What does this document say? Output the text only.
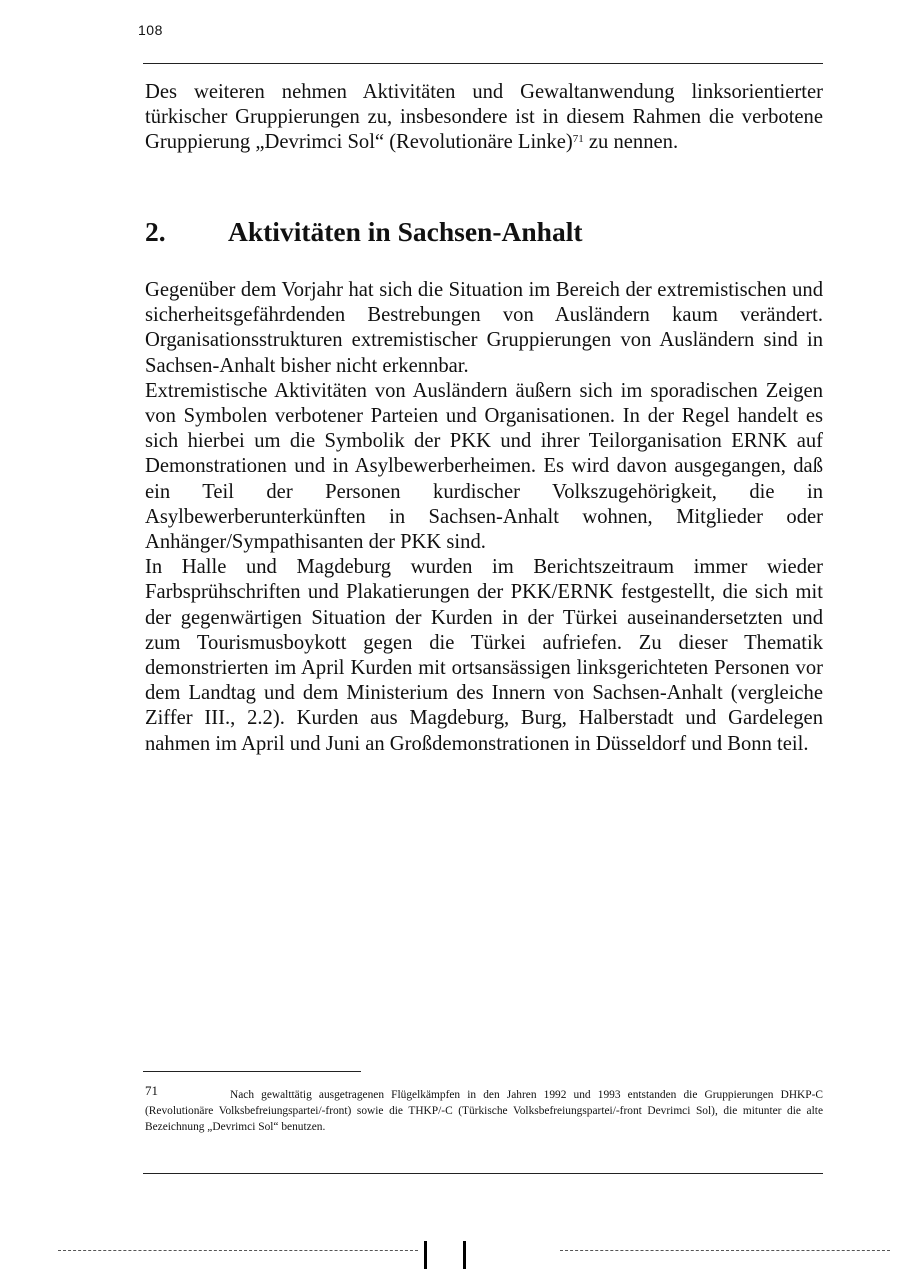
108

Des weiteren nehmen Aktivitäten und Gewaltanwendung linksorientierter türkischer Gruppierungen zu, insbesondere ist in diesem Rahmen die verbotene Gruppierung „Devrimci Sol“ (Revolutionäre Linke)$^{71}$ zu nennen.

2. Aktivitäten in Sachsen-Anhalt

Gegenüber dem Vorjahr hat sich die Situation im Bereich der extremistischen und sicherheitsgefährdenden Bestrebungen von Ausländern kaum verändert. Organisationsstrukturen extremistischer Gruppierungen von Ausländern sind in Sachsen-Anhalt bisher nicht erkennbar.

Extremistische Aktivitäten von Ausländern äußern sich im sporadischen Zeigen von Symbolen verbotener Parteien und Organisationen. In der Regel handelt es sich hierbei um die Symbolik der PKK und ihrer Teilorganisation ERNK auf Demonstrationen und in Asylbewerberheimen. Es wird davon ausgegangen, daß ein Teil der Personen kurdischer Volkszugehörigkeit, die in Asylbewerberunterkünften in Sachsen-Anhalt wohnen, Mitglieder oder Anhänger/Sympathisanten der PKK sind.

In Halle und Magdeburg wurden im Berichtszeitraum immer wieder Farbsprühschriften und Plakatierungen der PKK/ERNK festgestellt, die sich mit der gegenwärtigen Situation der Kurden in der Türkei auseinandersetzten und zum Tourismusboykott gegen die Türkei aufriefen. Zu dieser Thematik demonstrierten im April Kurden mit ortsansässigen linksgerichteten Personen vor dem Landtag und dem Ministerium des Innern von Sachsen-Anhalt (vergleiche Ziffer III., 2.2). Kurden aus Magdeburg, Burg, Halberstadt und Gardelegen nahmen im April und Juni an Großdemonstrationen in Düsseldorf und Bonn teil.

71	Nach gewalttätig ausgetragenen Flügelkämpfen in den Jahren 1992 und 1993 entstanden die Gruppierungen DHKP-C (Revolutionäre Volksbefreiungspartei/-front) sowie die THKP/-C (Türkische Volksbefreiungspartei/-front Devrimci Sol), die mitunter die alte Bezeichnung „Devrimci Sol“ benutzen.
